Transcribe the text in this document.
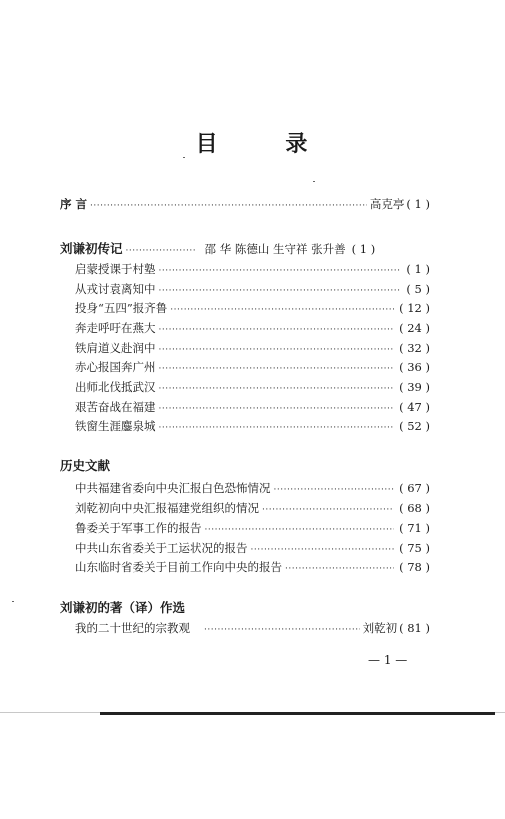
目 录
序 言 ·····	高克亭 ( 1 )
刘谦初传记 ·····	邵 华 陈德山 生守祥 张升善 ( 1 )
启蒙授课于村塾 ·····	( 1 )
从戎讨袁离知中 ·····	( 5 )
投身“五四”报齐鲁 ·····	( 12 )
奔走呼吁在燕大 ·····	( 24 )
铁肩道义赴润中 ·····	( 32 )
赤心报国奔广州 ·····	( 36 )
出师北伐抵武汉 ·····	( 39 )
艰苦奋战在福建 ·····	( 47 )
铁窗生涯鏖泉城 ·····	( 52 )
历史文献
中共福建省委向中央汇报白色恐怖情况 ·····	( 67 )
刘乾初向中央汇报福建党组织的情况 ·····	( 68 )
鲁委关于军事工作的报告 ·····	( 71 )
中共山东省委关于工运状况的报告 ·····	( 75 )
山东临时省委关于目前工作向中央的报告 ·····	( 78 )
刘谦初的著（译）作选
我的二十世纪的宗教观 ·····	刘乾初 ( 81 )
— 1 —
